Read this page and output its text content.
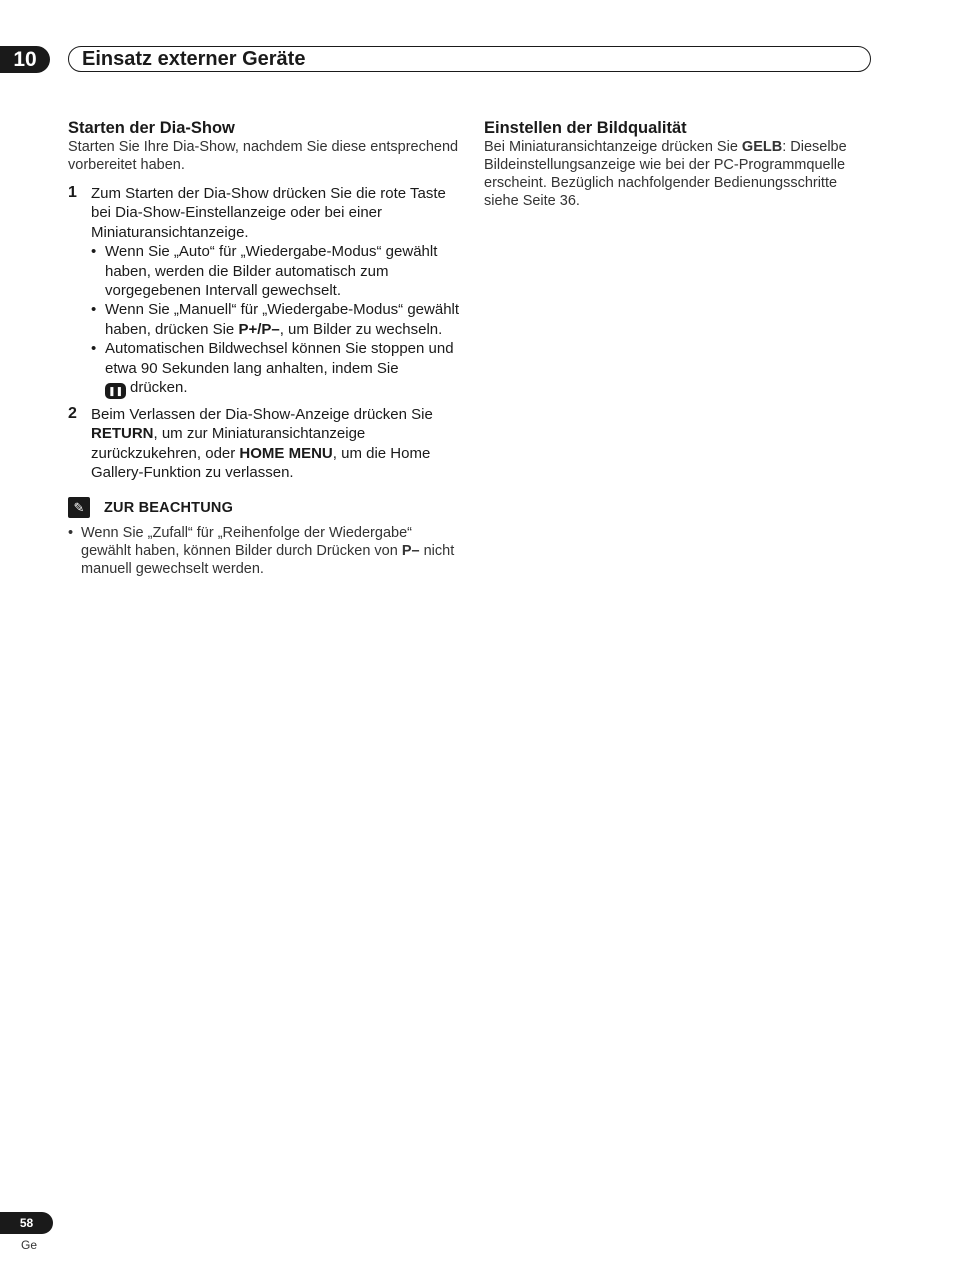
10	Einsatz externer Geräte
Starten der Dia-Show

Starten Sie Ihre Dia-Show, nachdem Sie diese entsprechend vorbereitet haben.

1 Zum Starten der Dia-Show drücken Sie die rote Taste bei Dia-Show-Einstellanzeige oder bei einer Miniaturansichtanzeige.
• Wenn Sie „Auto“ für „Wiedergabe-Modus“ gewählt haben, werden die Bilder automatisch zum vorgegebenen Intervall gewechselt.
• Wenn Sie „Manuell“ für „Wiedergabe-Modus“ gewählt haben, drücken Sie P+/P–, um Bilder zu wechseln.
• Automatischen Bildwechsel können Sie stoppen und etwa 90 Sekunden lang anhalten, indem Sie
❚❚ drücken.
2 Beim Verlassen der Dia-Show-Anzeige drücken Sie RETURN, um zur Miniaturansichtanzeige zurückzukehren, oder HOME MENU, um die Home Gallery-Funktion zu verlassen.
✎	ZUR BEACHTUNG
• Wenn Sie „Zufall“ für „Reihenfolge der Wiedergabe“ gewählt haben, können Bilder durch Drücken von P– nicht manuell gewechselt werden.
Einstellen der Bildqualität

Bei Miniaturansichtanzeige drücken Sie GELB: Dieselbe Bildeinstellungsanzeige wie bei der PC-Programmquelle erscheint. Bezüglich nachfolgender Bedienungsschritte siehe Seite 36.

58
Ge
